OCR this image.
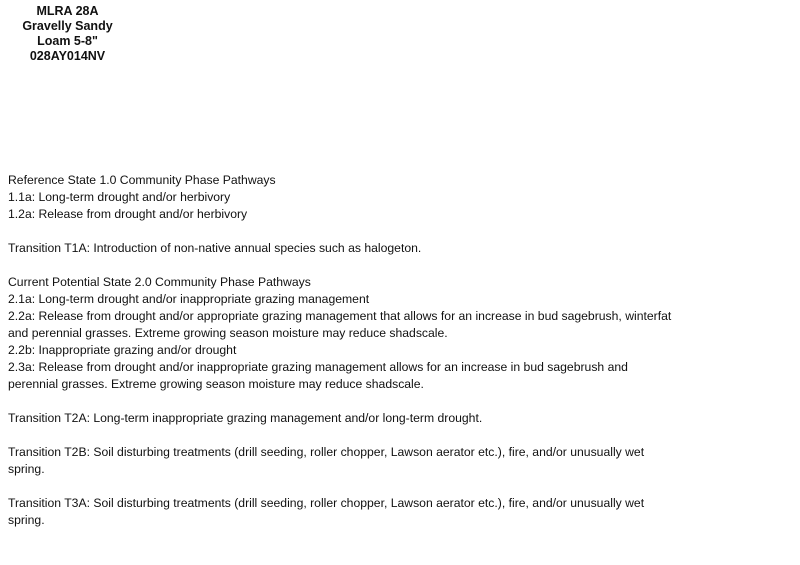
MLRA 28A
Gravelly Sandy
Loam 5-8"
028AY014NV
Reference State 1.0 Community Phase Pathways
1.1a: Long-term drought and/or herbivory
1.2a: Release from drought and/or herbivory
Transition T1A: Introduction of non-native annual species such as halogeton.
Current Potential State 2.0 Community Phase Pathways
2.1a: Long-term drought and/or inappropriate grazing management
2.2a: Release from drought and/or appropriate grazing management that allows for an increase in bud sagebrush, winterfat
and perennial grasses. Extreme growing season moisture may reduce shadscale.
2.2b: Inappropriate grazing and/or drought
2.3a: Release from drought and/or inappropriate grazing management allows for an increase in bud sagebrush and
perennial grasses. Extreme growing season moisture may reduce shadscale.
Transition T2A: Long-term inappropriate grazing management and/or long-term drought.
Transition T2B: Soil disturbing treatments (drill seeding, roller chopper, Lawson aerator etc.), fire, and/or unusually wet
spring.
Transition T3A: Soil disturbing treatments (drill seeding, roller chopper, Lawson aerator etc.), fire, and/or unusually wet
spring.
